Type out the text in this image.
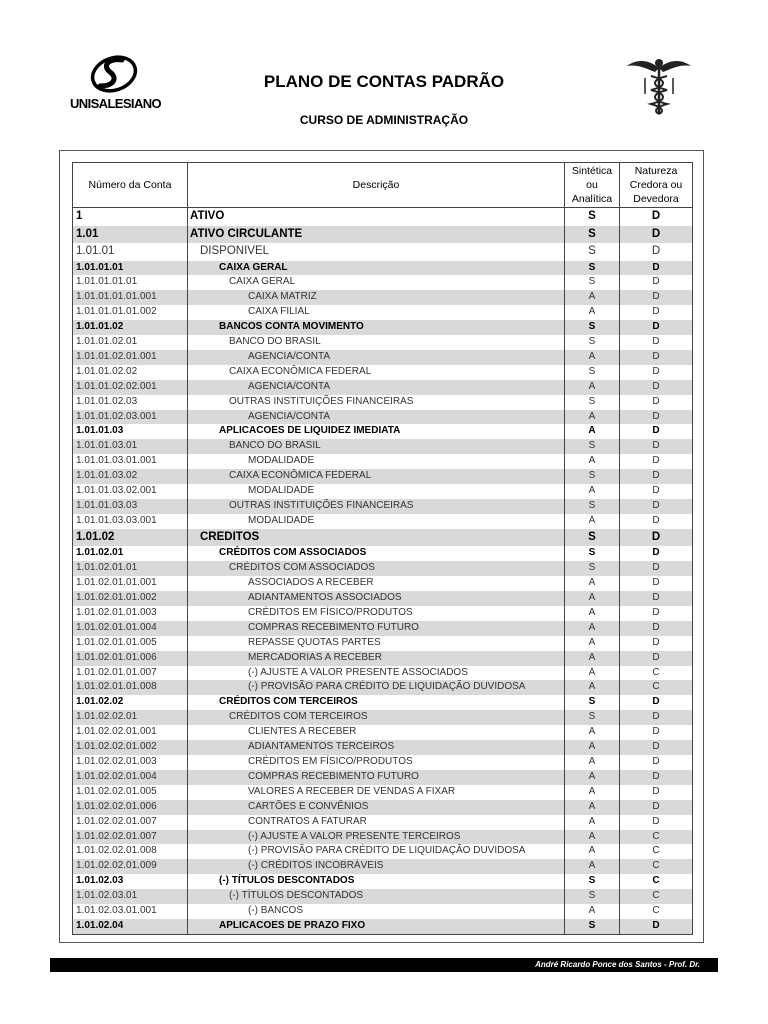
UNISALESIANO
PLANO DE CONTAS PADRÃO
CURSO DE ADMINISTRAÇÃO
Número da Conta	Descrição	Sintética ou Analítica	Natureza Credora ou Devedora
1	ATIVO	S	D
1.01	ATIVO CIRCULANTE	S	D
1.01.01	DISPONIVEL	S	D
1.01.01.01	CAIXA GERAL	S	D
1.01.01.01.01	CAIXA GERAL	S	D
1.01.01.01.01.001	CAIXA MATRIZ	A	D
1.01.01.01.01.002	CAIXA FILIAL	A	D
1.01.01.02	BANCOS CONTA MOVIMENTO	S	D
1.01.01.02.01	BANCO DO BRASIL	S	D
1.01.01.02.01.001	AGENCIA/CONTA	A	D
1.01.01.02.02	CAIXA ECONÔMICA FEDERAL	S	D
1.01.01.02.02.001	AGENCIA/CONTA	A	D
1.01.01.02.03	OUTRAS INSTITUIÇÕES FINANCEIRAS	S	D
1.01.01.02.03.001	AGENCIA/CONTA	A	D
1.01.01.03	APLICACOES DE LIQUIDEZ IMEDIATA	A	D
1.01.01.03.01	BANCO DO BRASIL	S	D
1.01.01.03.01.001	MODALIDADE	A	D
1.01.01.03.02	CAIXA ECONÔMICA FEDERAL	S	D
1.01.01.03.02.001	MODALIDADE	A	D
1.01.01.03.03	OUTRAS INSTITUIÇÕES FINANCEIRAS	S	D
1.01.01.03.03.001	MODALIDADE	A	D
1.01.02	CREDITOS	S	D
1.01.02.01	CRÉDITOS COM ASSOCIADOS	S	D
1.01.02.01.01	CRÉDITOS COM ASSOCIADOS	S	D
1.01.02.01.01.001	ASSOCIADOS A RECEBER	A	D
1.01.02.01.01.002	ADIANTAMENTOS ASSOCIADOS	A	D
1.01.02.01.01.003	CRÉDITOS EM FÍSICO/PRODUTOS	A	D
1.01.02.01.01.004	COMPRAS RECEBIMENTO FUTURO	A	D
1.01.02.01.01.005	REPASSE QUOTAS PARTES	A	D
1.01.02.01.01.006	MERCADORIAS A RECEBER	A	D
1.01.02.01.01.007	(-) AJUSTE A VALOR PRESENTE ASSOCIADOS	A	C
1.01.02.01.01.008	(-) PROVISÃO PARA CRÉDITO DE LIQUIDAÇÃO DUVIDOSA	A	C
1.01.02.02	CRÉDITOS COM TERCEIROS	S	D
1.01.02.02.01	CRÉDITOS COM TERCEIROS	S	D
1.01.02.02.01.001	CLIENTES A RECEBER	A	D
1.01.02.02.01.002	ADIANTAMENTOS TERCEIROS	A	D
1.01.02.02.01.003	CRÉDITOS EM FÍSICO/PRODUTOS	A	D
1.01.02.02.01.004	COMPRAS RECEBIMENTO FUTURO	A	D
1.01.02.02.01.005	VALORES A RECEBER DE VENDAS A FIXAR	A	D
1.01.02.02.01.006	CARTÕES E CONVÊNIOS	A	D
1.01.02.02.01.007	CONTRATOS A FATURAR	A	D
1.01.02.02.01.007	(-) AJUSTE A VALOR PRESENTE TERCEIROS	A	C
1.01.02.02.01.008	(-) PROVISÃO PARA CRÉDITO DE LIQUIDAÇÃO DUVIDOSA	A	C
1.01.02.02.01.009	(-) CRÉDITOS INCOBRÁVEIS	A	C
1.01.02.03	(-) TÍTULOS DESCONTADOS	S	C
1.01.02.03.01	(-) TÍTULOS DESCONTADOS	S	C
1.01.02.03.01.001	(-) BANCOS	A	C
1.01.02.04	APLICACOES DE PRAZO FIXO	S	D
André Ricardo Ponce dos Santos - Prof. Dr.
